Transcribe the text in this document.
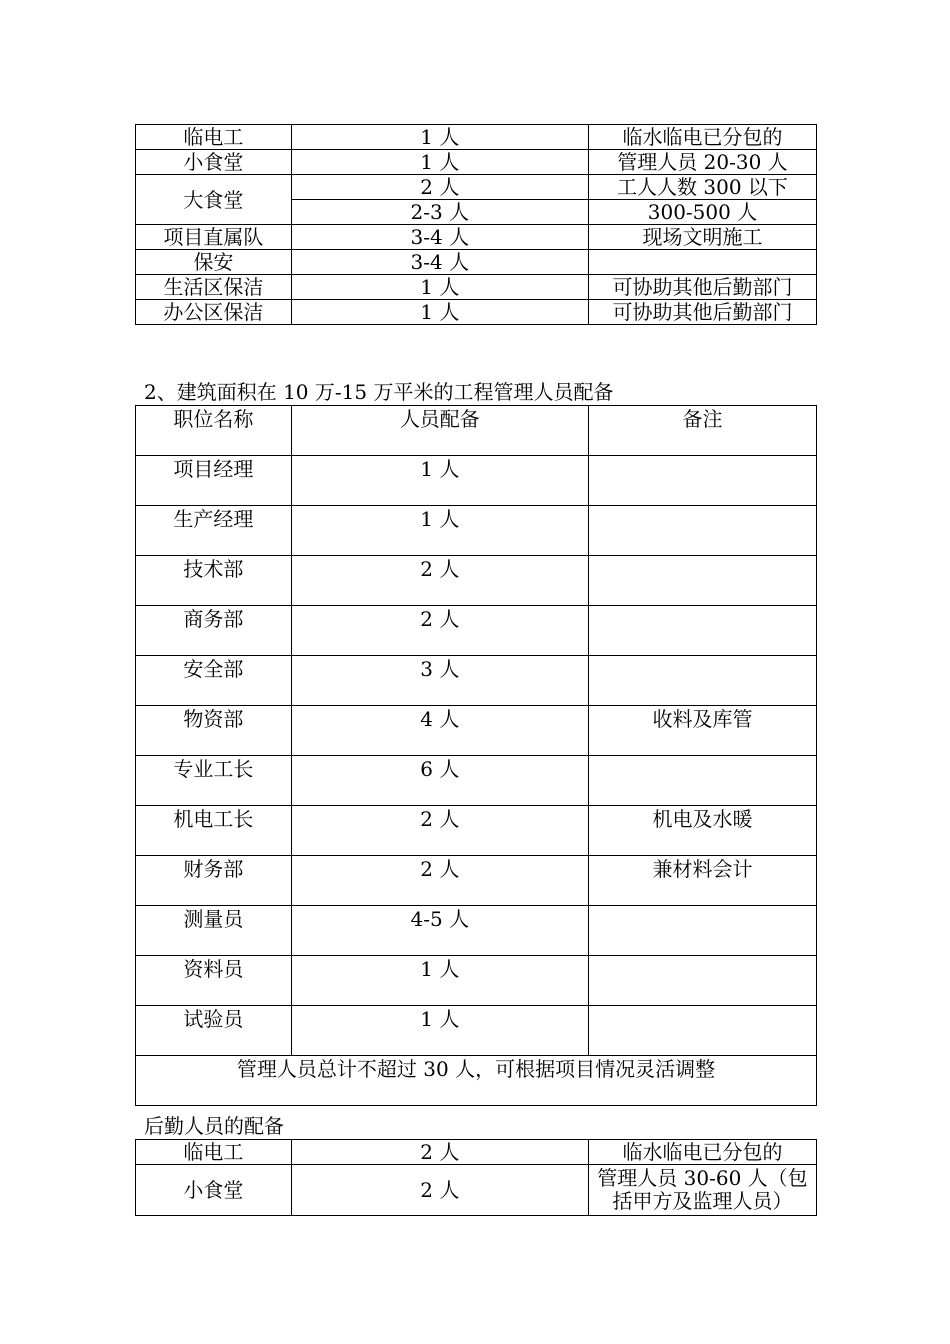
临电工	1 人	临水临电已分包的
小食堂	1 人	管理人员 20-30 人
大食堂	2 人	工人人数 300 以下
	2-3 人	300-500 人
项目直属队	3-4 人	现场文明施工
保安	3-4 人	
生活区保洁	1 人	可协助其他后勤部门
办公区保洁	1 人	可协助其他后勤部门
2、建筑面积在 10 万-15 万平米的工程管理人员配备
职位名称	人员配备	备注
项目经理	1 人	
生产经理	1 人	
技术部	2 人	
商务部	2 人	
安全部	3 人	
物资部	4 人	收料及库管
专业工长	6 人	
机电工长	2 人	机电及水暖
财务部	2 人	兼材料会计
测量员	4-5 人	
资料员	1 人	
试验员	1 人	
管理人员总计不超过 30 人，可根据项目情况灵活调整		
后勤人员的配备
临电工	2 人	临水临电已分包的
小食堂	2 人	管理人员 30-60 人（包括甲方及监理人员）
